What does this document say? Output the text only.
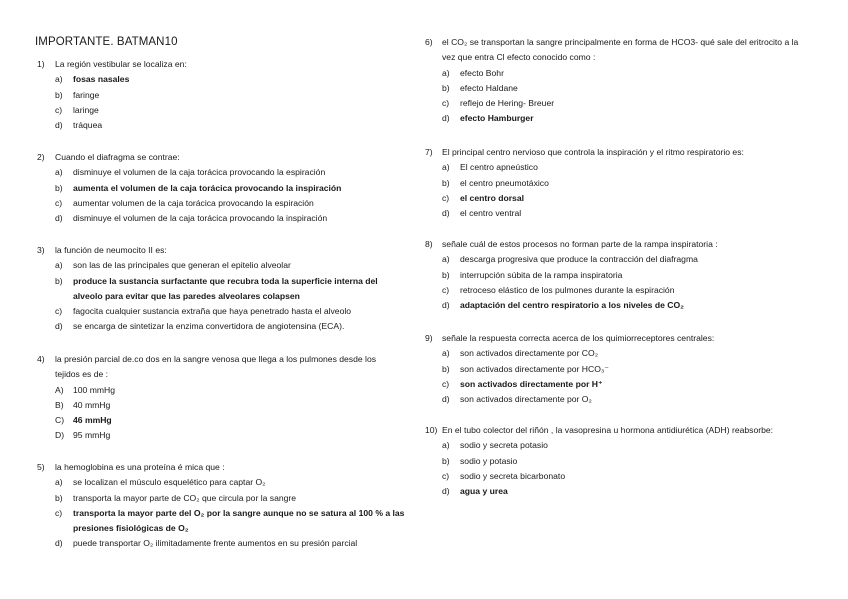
IMPORTANTE. BATMAN10
1)	La región vestibular se localiza en:
a)	fosas nasales
b)	faringe
c)	laringe
d)	tráquea
2)	Cuando el diafragma se contrae:
a)	disminuye el volumen de la caja torácica provocando la espiración
b)	aumenta el volumen de la caja torácica provocando la inspiración
c)	aumentar volumen de la caja torácica provocando la espiración
d)	disminuye el volumen de la caja torácica provocando la inspiración
3)	la función de neumocito II es:
a)	son las de las principales que generan el epitelio alveolar
b)	produce la sustancia surfactante que recubra toda la superficie interna del alveolo para evitar que las paredes alveolares colapsen
c)	fagocita cualquier sustancia extraña que haya penetrado hasta el alveolo
d)	se encarga de sintetizar la enzima convertidora de angiotensina (ECA).
4)	la presión parcial de.co dos en la sangre venosa que llega a los pulmones desde los tejidos es de :
A)	100 mmHg
B)	40 mmHg
C)	46 mmHg
D)	95 mmHg
5)	la hemoglobina es una proteína é mica que :
a)	se localizan el músculo esquelético para captar O₂
b)	transporta la mayor parte de CO₂ que circula por la sangre
c)	transporta la mayor parte del O₂ por la sangre aunque no se satura al 100 % a las presiones fisiológicas de O₂
d)	puede transportar O₂ ilimitadamente frente aumentos en su presión parcial
6)	el CO₂ se transportan la sangre principalmente en forma de HCO3- qué sale del eritrocito a la vez que entra Cl efecto conocido como :
a)	efecto Bohr
b)	efecto Haldane
c)	reflejo de Hering- Breuer
d)	efecto Hamburger
7)	El principal centro nervioso que controla la inspiración y el ritmo respiratorio es:
a)	El centro apneústico
b)	el centro pneumotáxico
c)	el centro dorsal
d)	el centro ventral
8)	señale cuál de estos procesos no forman parte de la rampa inspiratoria :
a)	descarga progresiva que produce la contracción del diafragma
b)	interrupción súbita de la rampa inspiratoria
c)	retroceso elástico de los pulmones durante la espiración
d)	adaptación del centro respiratorio a los niveles de CO₂
9)	señale la respuesta correcta acerca de los quimiorreceptores centrales:
a)	son activados directamente por CO₂
b)	son activados directamente por HCO₃⁻
c)	son activados directamente por H⁺
d)	son activados directamente por O₂
10) En el tubo colector del riñón , la vasopresina u hormona antidiurética (ADH) reabsorbe:
a)	sodio y secreta potasio
b)	sodio y potasio
c)	sodio y secreta bicarbonato
d)	agua y urea
